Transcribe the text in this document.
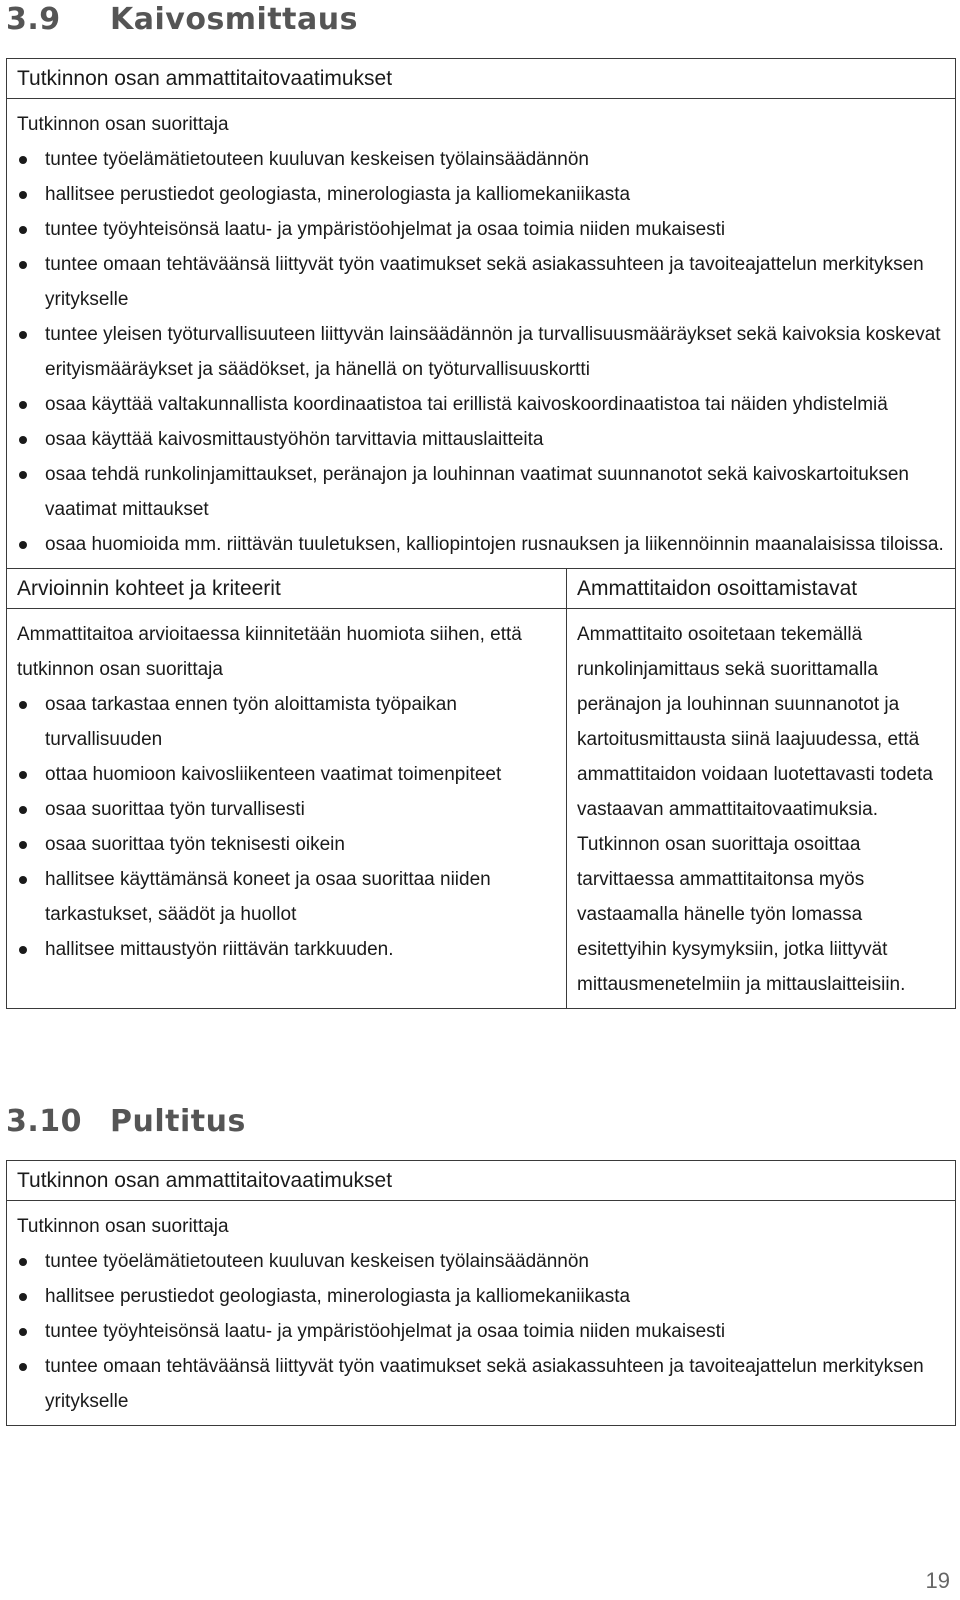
3.9 Kaivosmittaus
Tutkinnon osan ammattitaitovaatimukset

Tutkinnon osan suorittaja

tuntee työelämätietouteen kuuluvan keskeisen työlainsäädännön
hallitsee perustiedot geologiasta, minerologiasta ja kalliomekaniikasta
tuntee työyhteisönsä laatu- ja ympäristöohjelmat ja osaa toimia niiden mukaisesti
tuntee omaan tehtäväänsä liittyvät työn vaatimukset sekä asiakassuhteen ja tavoiteajattelun merkityksen yritykselle
tuntee yleisen työturvallisuuteen liittyvän lainsäädännön ja turvallisuusmääräykset sekä kaivoksia koskevat erityismääräykset ja säädökset, ja hänellä on työturvallisuuskortti
osaa käyttää valtakunnallista koordinaatistoa tai erillistä kaivoskoordinaatistoa tai näiden yhdistelmiä
osaa käyttää kaivosmittaustyöhön tarvittavia mittauslaitteita
osaa tehdä runkolinjamittaukset, peränajon ja louhinnan vaatimat suunnanotot sekä kaivoskartoituksen vaatimat mittaukset
osaa huomioida mm. riittävän tuuletuksen, kalliopintojen rusnauksen ja liikennöinnin maanalaisissa tiloissa.
Arvioinnin kohteet ja kriteerit

Ammattitaitoa arvioitaessa kiinnitetään huomiota siihen, että tutkinnon osan suorittaja

osaa tarkastaa ennen työn aloittamista työpaikan turvallisuuden
ottaa huomioon kaivosliikenteen vaatimat toimenpiteet
osaa suorittaa työn turvallisesti
osaa suorittaa työn teknisesti oikein
hallitsee käyttämänsä koneet ja osaa suorittaa niiden tarkastukset, säädöt ja huollot
hallitsee mittaustyön riittävän tarkkuuden.
Ammattitaidon osoittamistavat

Ammattitaito osoitetaan tekemällä runkolinjamittaus sekä suorittamalla peränajon ja louhinnan suunnanotot ja kartoitusmittausta siinä laajuudessa, että ammattitaidon voidaan luotettavasti todeta vastaavan ammattitaitovaatimuksia. Tutkinnon osan suorittaja osoittaa tarvittaessa ammattitaitonsa myös vastaamalla hänelle työn lomassa esitettyihin kysymyksiin, jotka liittyvät mittausmenetelmiin ja mittauslaitteisiin.

3.10 Pultitus
Tutkinnon osan ammattitaitovaatimukset

Tutkinnon osan suorittaja

tuntee työelämätietouteen kuuluvan keskeisen työlainsäädännön
hallitsee perustiedot geologiasta, minerologiasta ja kalliomekaniikasta
tuntee työyhteisönsä laatu- ja ympäristöohjelmat ja osaa toimia niiden mukaisesti
tuntee omaan tehtäväänsä liittyvät työn vaatimukset sekä asiakassuhteen ja tavoiteajattelun merkityksen yritykselle
19
